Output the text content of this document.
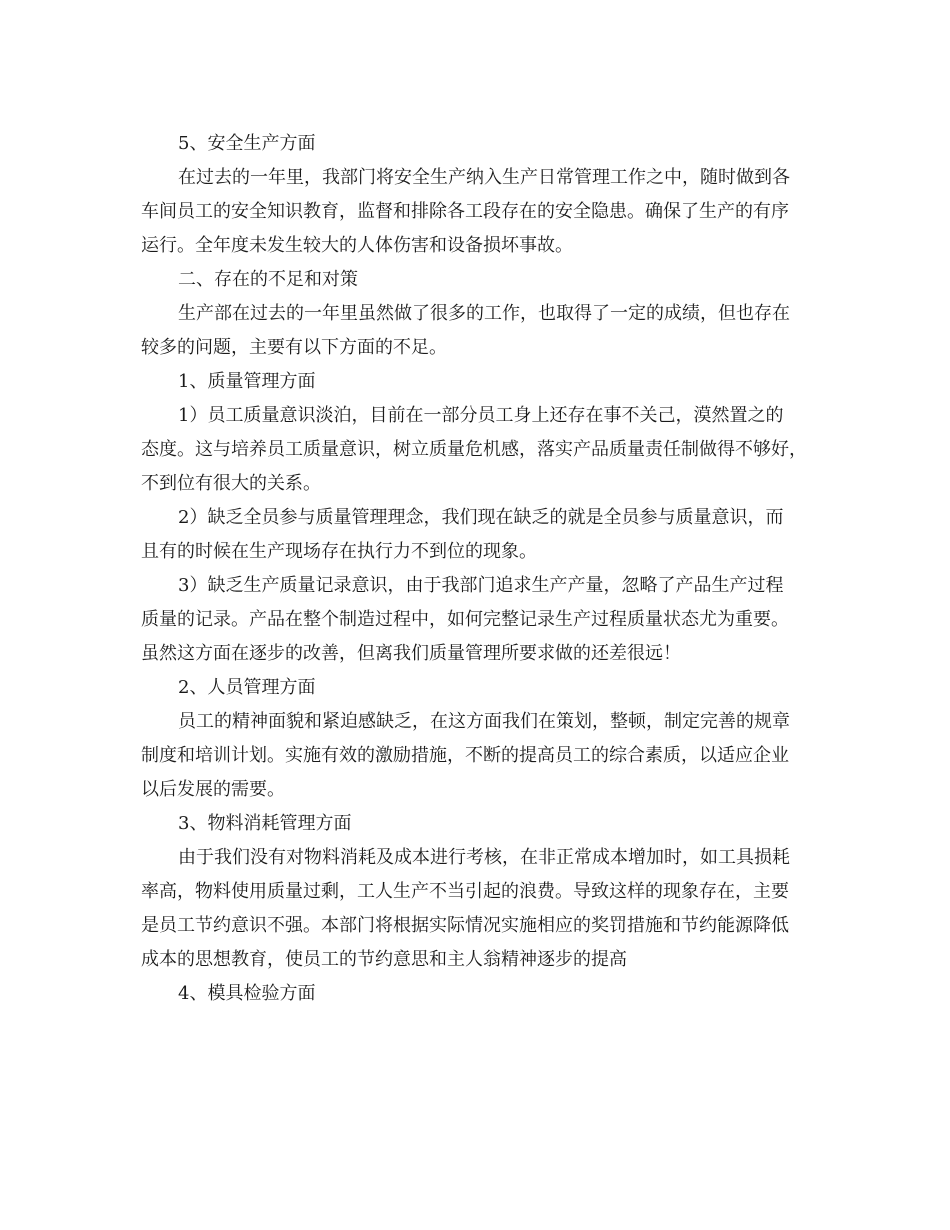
5、安全生产方面
在过去的一年里，我部门将安全生产纳入生产日常管理工作之中，随时做到各
车间员工的安全知识教育，监督和排除各工段存在的安全隐患。确保了生产的有序
运行。全年度未发生较大的人体伤害和设备损坏事故。
二、存在的不足和对策
生产部在过去的一年里虽然做了很多的工作，也取得了一定的成绩，但也存在
较多的问题，主要有以下方面的不足。
1、质量管理方面
1）员工质量意识淡泊，目前在一部分员工身上还存在事不关己，漠然置之的
态度。这与培养员工质量意识，树立质量危机感，落实产品质量责任制做得不够好，
不到位有很大的关系。
2）缺乏全员参与质量管理理念，我们现在缺乏的就是全员参与质量意识，而
且有的时候在生产现场存在执行力不到位的现象。
3）缺乏生产质量记录意识，由于我部门追求生产产量，忽略了产品生产过程
质量的记录。产品在整个制造过程中，如何完整记录生产过程质量状态尤为重要。
虽然这方面在逐步的改善，但离我们质量管理所要求做的还差很远！
2、人员管理方面
员工的精神面貌和紧迫感缺乏，在这方面我们在策划，整顿，制定完善的规章
制度和培训计划。实施有效的激励措施，不断的提高员工的综合素质，以适应企业
以后发展的需要。
3、物料消耗管理方面
由于我们没有对物料消耗及成本进行考核，在非正常成本增加时，如工具损耗
率高，物料使用质量过剩，工人生产不当引起的浪费。导致这样的现象存在，主要
是员工节约意识不强。本部门将根据实际情况实施相应的奖罚措施和节约能源降低
成本的思想教育，使员工的节约意思和主人翁精神逐步的提高
4、模具检验方面
